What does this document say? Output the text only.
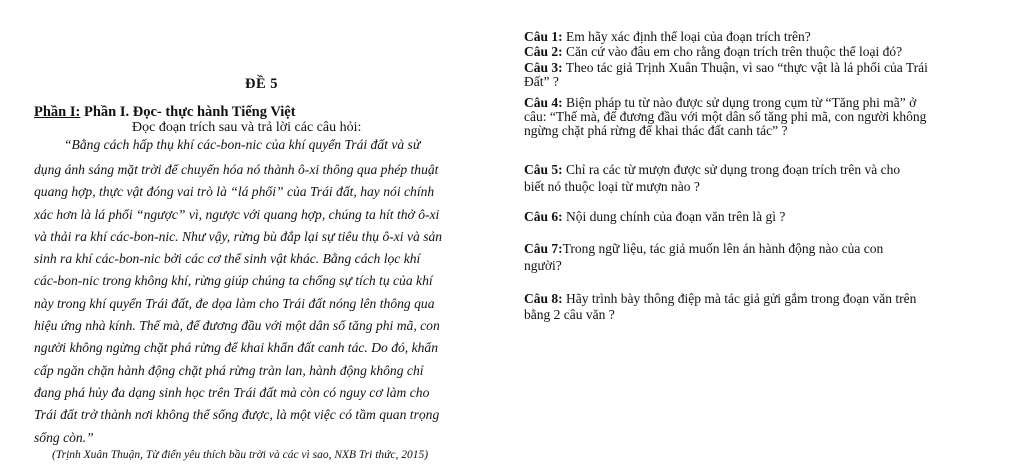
ĐỀ 5
Phần I: Phần I. Đọc- thực hành Tiếng Việt
Đọc đoạn trích sau và trả lời các câu hỏi:
“Bằng cách hấp thụ khí các-bon-nic của khí quyển Trái đất và sử
dụng ánh sáng mặt trời để chuyển hóa nó thành ô-xi thông qua phép thuật
quang hợp, thực vật đóng vai trò là “lá phổi” của Trái đất, hay nói chính
xác hơn là lá phổi “ngược” vì, ngược với quang hợp, chúng ta hít thở ô-xi
và thải ra khí các-bon-nic. Như vậy, rừng bù đắp lại sự tiêu thụ ô-xi và sản
sinh ra khí các-bon-nic bởi các cơ thể sinh vật khác. Bằng cách lọc khí
các-bon-nic trong không khí, rừng giúp chúng ta chống sự tích tụ của khí
này trong khí quyển Trái đất, đe dọa làm cho Trái đất nóng lên thông qua
hiệu ứng nhà kính. Thế mà, để đương đầu với một dân số tăng phi mã, con
người không ngừng chặt phá rừng để khai khẩn đất canh tác. Do đó, khẩn
cấp ngăn chặn hành động chặt phá rừng tràn lan, hành động không chỉ
đang phá hủy đa dạng sinh học trên Trái đất mà còn có nguy cơ làm cho
Trái đất trở thành nơi không thể sống được, là một việc có tầm quan trọng
sống còn.”
(Trịnh Xuân Thuận, Từ điển yêu thích bầu trời và các vì sao, NXB Tri thức, 2015)
Câu 1: Em hãy xác định thể loại của đoạn trích trên?
Câu 2: Căn cứ vào đâu em cho rằng đoạn trích trên thuộc thể loại đó?
Câu 3: Theo tác giả Trịnh Xuân Thuận, vì sao “thực vật là lá phổi của Trái
Đất” ?
Câu 4: Biện pháp tu từ nào được sử dụng trong cụm từ “Tăng phi mã” ở
câu: “Thế mà, để đương đầu với một dân số tăng phi mã, con người không
ngừng chặt phá rừng để khai thác đất canh tác” ?
Câu 5: Chỉ ra các từ mượn được sử dụng trong đoạn trích trên và cho
biết nó thuộc loại từ mượn nào ?
Câu 6: Nội dung chính của đoạn văn trên là gì ?
Câu 7:Trong ngữ liệu, tác giả muốn lên án hành động nào của con
người?
Câu 8: Hãy trình bày thông điệp mà tác giả gửi gắm trong đoạn văn trên
bằng 2 câu văn ?
